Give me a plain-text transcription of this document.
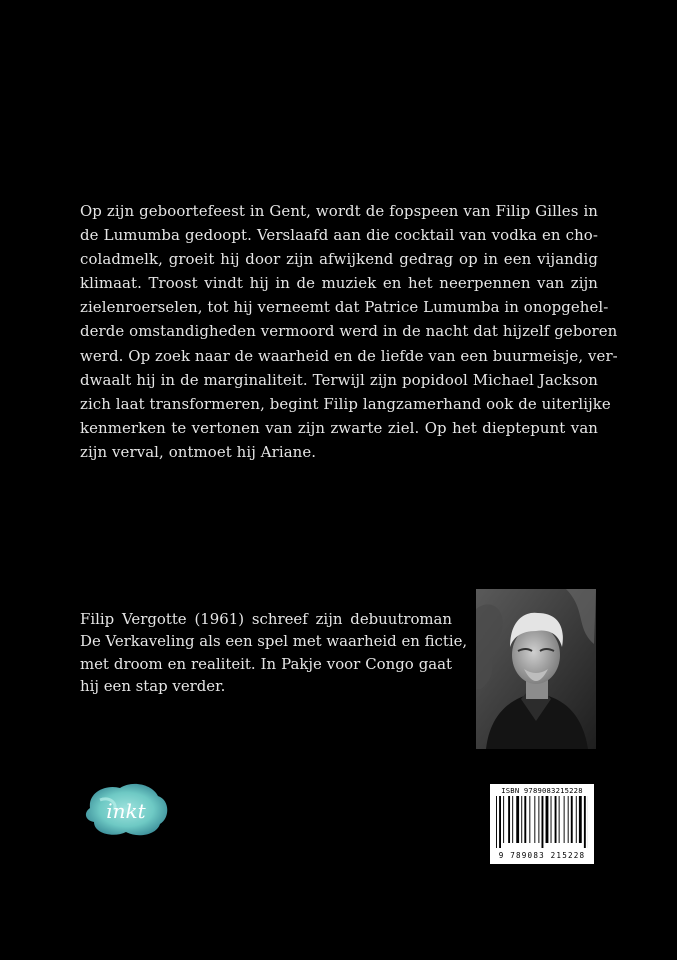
Op zijn geboortefeest in Gent, wordt de fopspeen van Filip Gilles in
de Lumumba gedoopt. Verslaafd aan die cocktail van vodka en cho-
coladmelk, groeit hij door zijn afwijkend gedrag op in een vijandig
klimaat. Troost vindt hij in de muziek en het neerpennen van zijn
zielenroerselen, tot hij verneemt dat Patrice Lumumba in onopgehel-
derde omstandigheden vermoord werd in de nacht dat hijzelf geboren
werd. Op zoek naar de waarheid en de liefde van een buurmeisje, ver-
dwaalt hij in de marginaliteit. Terwijl zijn popidool Michael Jackson
zich laat transformeren, begint Filip langzamerhand ook de uiterlijke
kenmerken te vertonen van zijn zwarte ziel. Op het dieptepunt van
zijn verval, ontmoet hij Ariane.
Filip Vergotte (1961) schreef zijn debuutroman
De Verkaveling als een spel met waarheid en fictie,
met droom en realiteit. In Pakje voor Congo gaat
hij een stap verder.
inkt
ISBN 9789083215228
9 789083 215228
